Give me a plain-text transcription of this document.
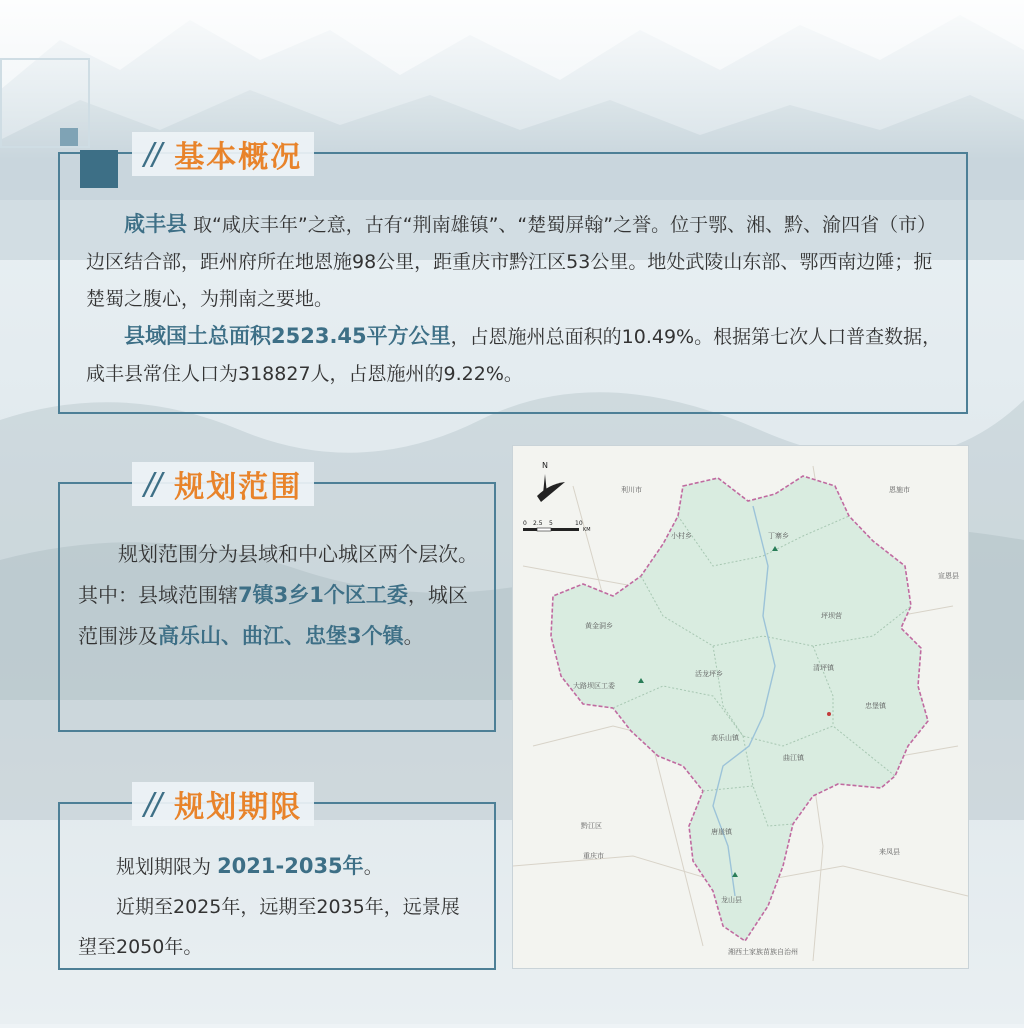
// 基本概况

咸丰县 取“咸庆丰年”之意，古有“荆南雄镇”、“楚蜀屏翰”之誉。位于鄂、湘、黔、渝四省（市）边区结合部，距州府所在地恩施98公里，距重庆市黔江区53公里。地处武陵山东部、鄂西南边陲；扼楚蜀之腹心，为荆南之要地。

县域国土总面积2523.45平方公里，占恩施州总面积的10.49%。根据第七次人口普查数据，咸丰县常住人口为318827人，占恩施州的9.22%。

// 规划范围

规划范围分为县域和中心城区两个层次。其中：县域范围辖7镇3乡1个区工委，城区范围涉及高乐山、曲江、忠堡3个镇。

// 规划期限

规划期限为 2021-2035年。

近期至2025年，远期至2035年，远景展望至2050年。

N
0 2.5 5	10
KM
利川市	恩施市
宣恩县
小村乡	丁寨乡
坪坝营
黄金洞乡
清坪镇
活龙坪乡
大路坝区工委
高乐山镇
忠堡镇
曲江镇
唐崖镇
黔江区
重庆市	来凤县
龙山县
湘西土家族苗族自治州
